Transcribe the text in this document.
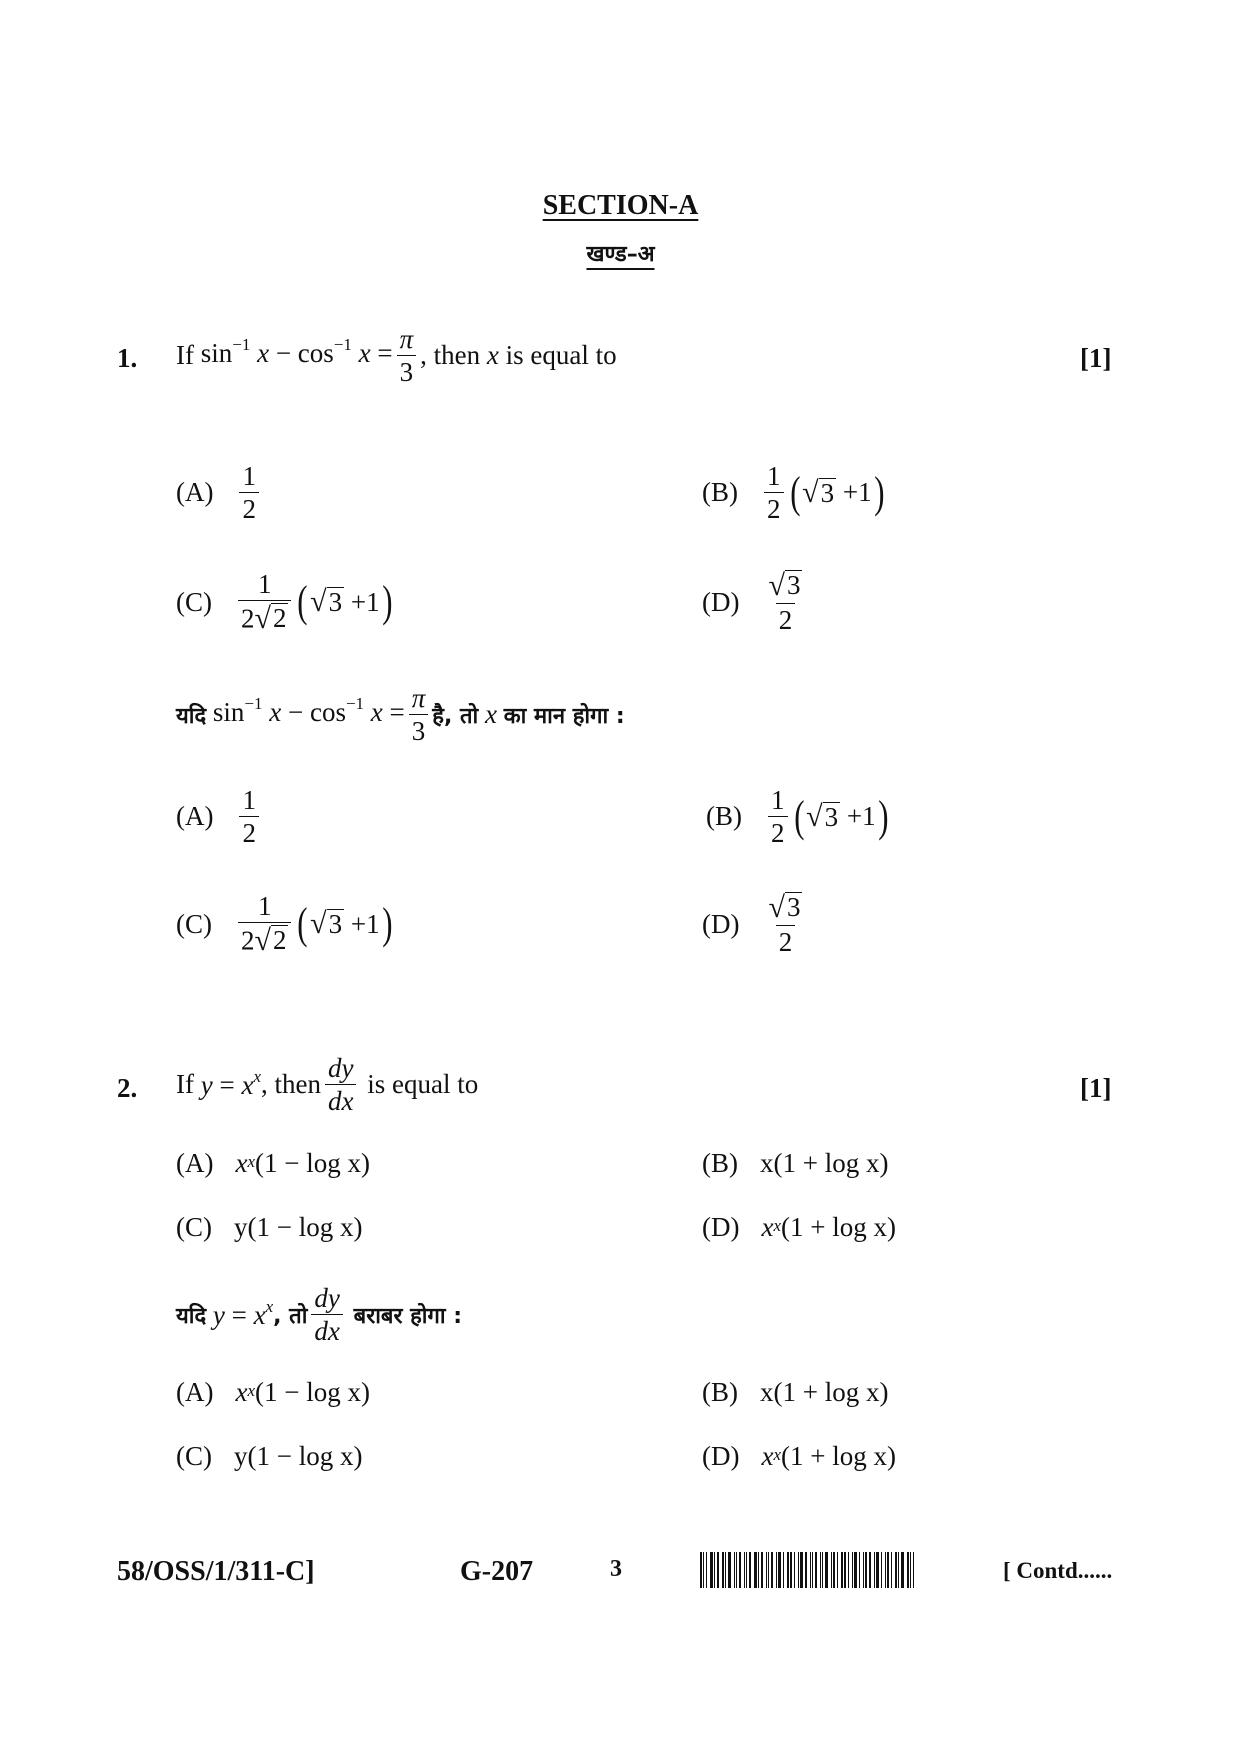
SECTION-A
खण्ड–अ
1. If
$\sin^{-1} x - \cos^{-1} x = \frac{\pi}{3}$ , then
x
is equal to	[1]
$(A) \frac{1}{2}$	$(B) \frac{1}{2}$ ( √ 3 +1 )
$(C) \frac{1}{2 √ 2}$ ( √ 3 +1 )	$(D) \frac{√ 3}{2}$
यदि
$\sin^{-1} x - \cos^{-1} x = \frac{\pi}{3}$ है, तो
x
का मान होगा :
$(A) \frac{1}{2}$	$(B) \frac{1}{2}$ ( √ 3 +1 )
$(C) \frac{1}{2 √ 2}$ ( √ 3 +1 )	$(D) \frac{√ 3}{2}$
2. If
$y = x^x$ , then $\frac{dy}{dx}$
is equal to	[1]
(A) x x (1 − log x)	(B) x(1 + log x)
(C) y(1 − log x)	(D) x x (1 + log x)
यदि
$y = x^x$ , तो $\frac{dy}{dx}$
बराबर होगा :
(A) x x (1 − log x)	(B) x(1 + log x)
(C) y(1 − log x)	(D) x x (1 + log x)
58/OSS/1/311-C]	G-207	3	[ Contd......
